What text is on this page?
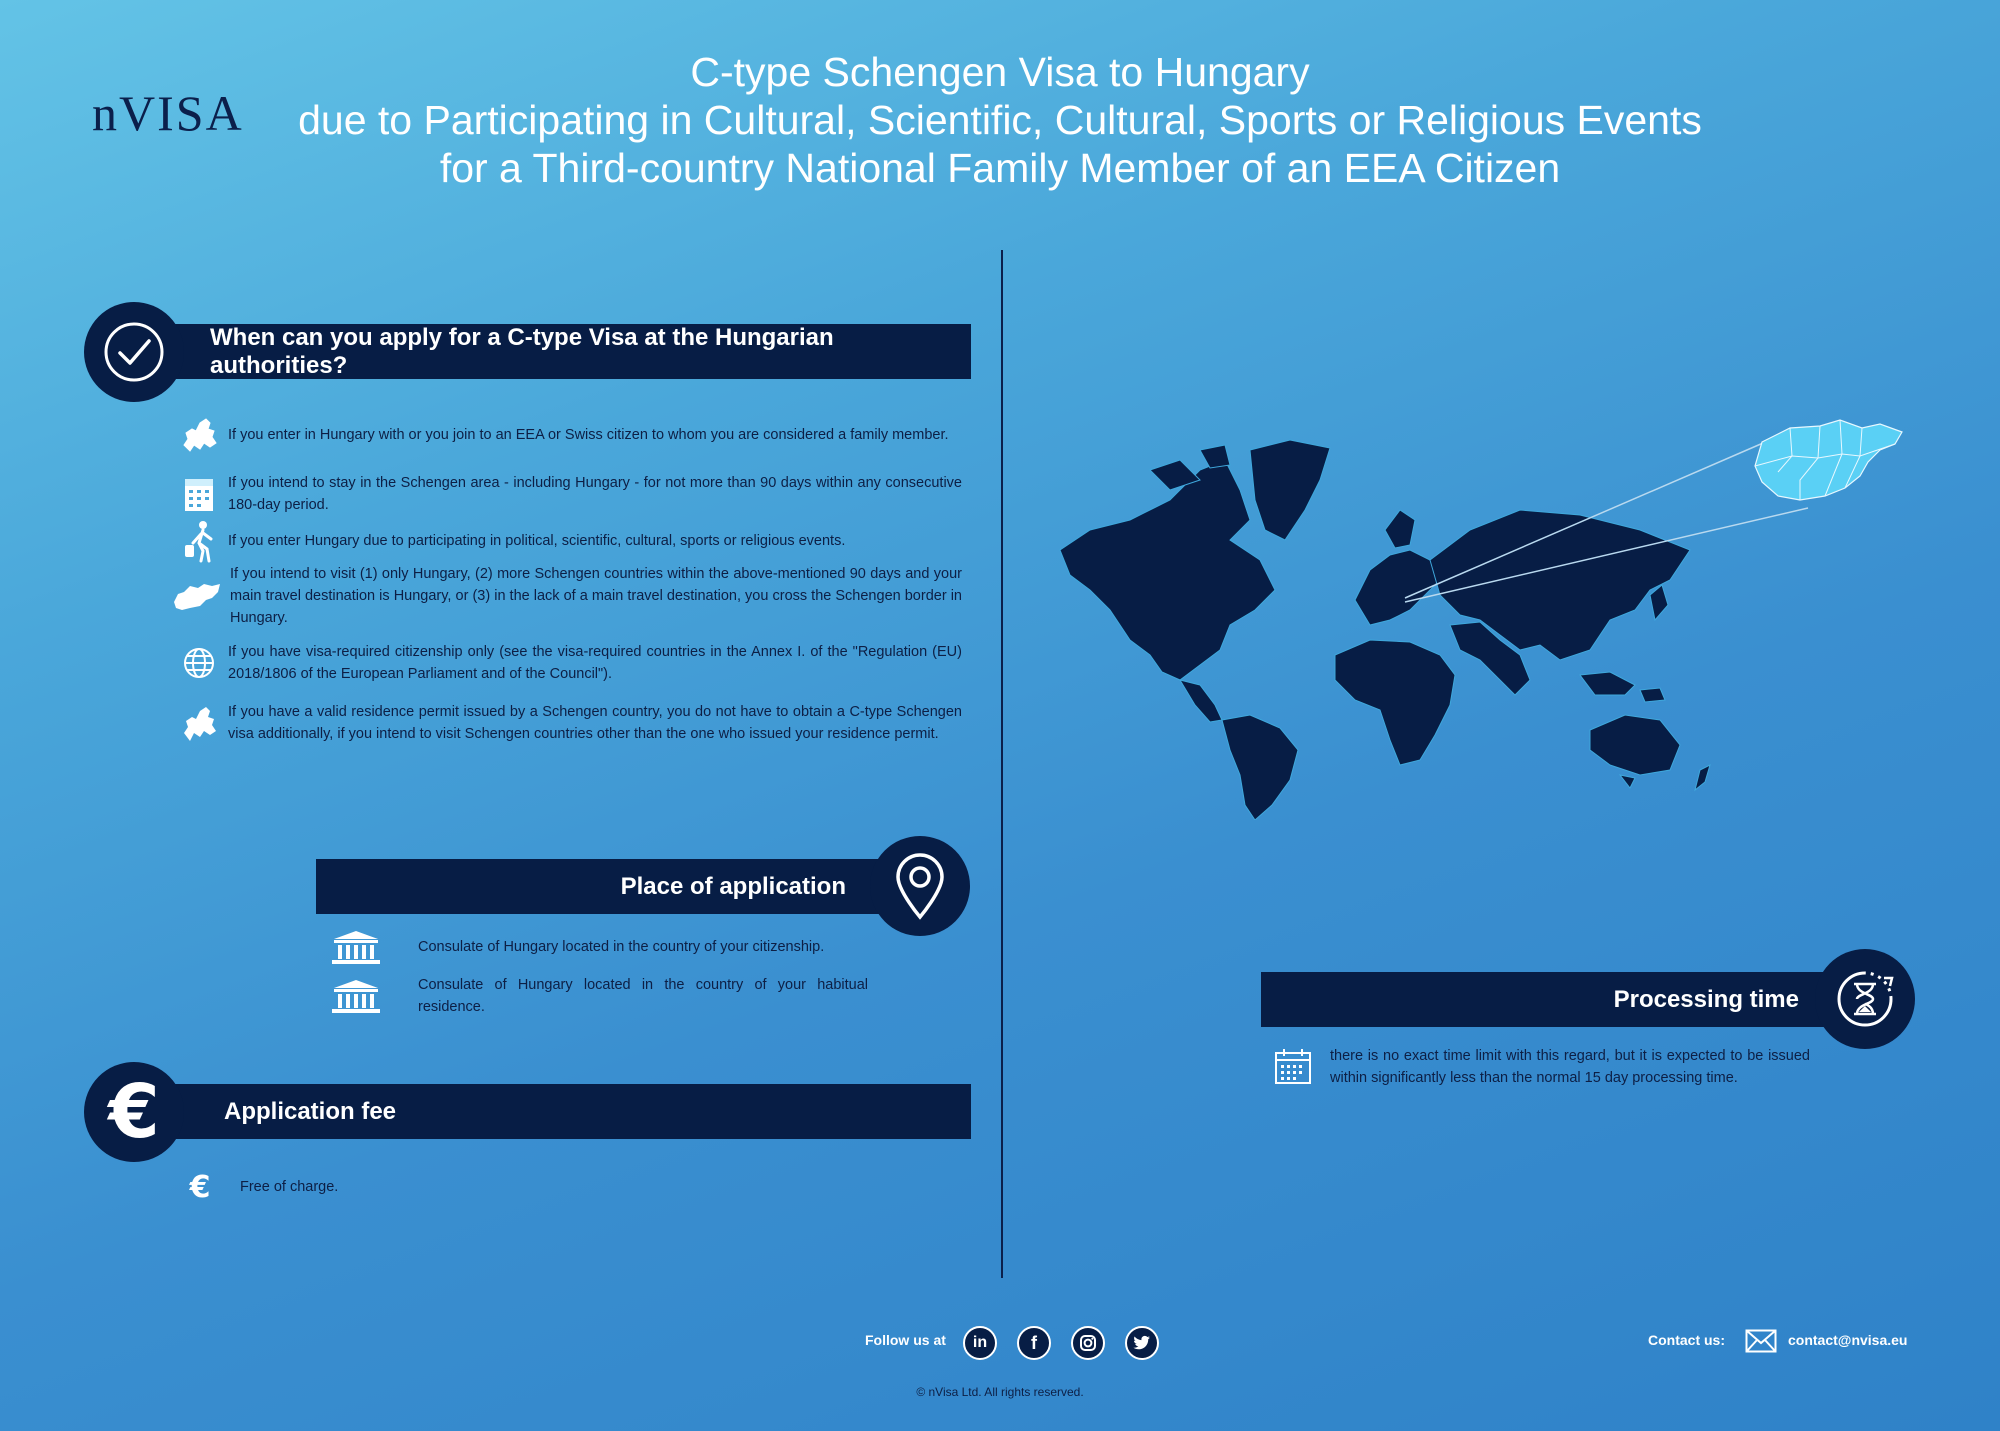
nVISA
C-type Schengen Visa to Hungary
due to Participating in Cultural, Scientific, Cultural, Sports or Religious Events
for a Third-country National Family Member of an EEA Citizen
When can you apply for a C-type Visa at the Hungarian authorities?
If you enter in Hungary with or you join to an EEA or Swiss citizen to whom you are considered a family member.
If you intend to stay in the Schengen area - including Hungary - for not more than 90 days within any consecutive 180-day period.
If you enter Hungary due to participating in political, scientific, cultural, sports or religious events.
If you intend to visit (1) only Hungary, (2) more Schengen countries within the above-mentioned 90 days and your main travel destination is Hungary, or (3) in the lack of a main travel destination, you cross the Schengen border in Hungary.
If you have visa-required citizenship only (see the visa-required countries in the Annex I. of the "Regulation (EU) 2018/1806 of the European Parliament and of the Council").
If you have a valid residence permit issued by a Schengen country, you do not have to obtain a C-type Schengen visa additionally, if you intend to visit Schengen countries other than the one who issued your residence permit.
Place of application
Consulate of Hungary located in the country of your citizenship.
Consulate of Hungary located in the country of your habitual residence.
Application fee
€
€ Free of charge.
Processing time
there is no exact time limit with this regard, but it is expected to be issued within significantly less than the normal 15 day processing time.
Follow us at in f	Contact us:	contact@nvisa.eu
© nVisa Ltd. All rights reserved.
